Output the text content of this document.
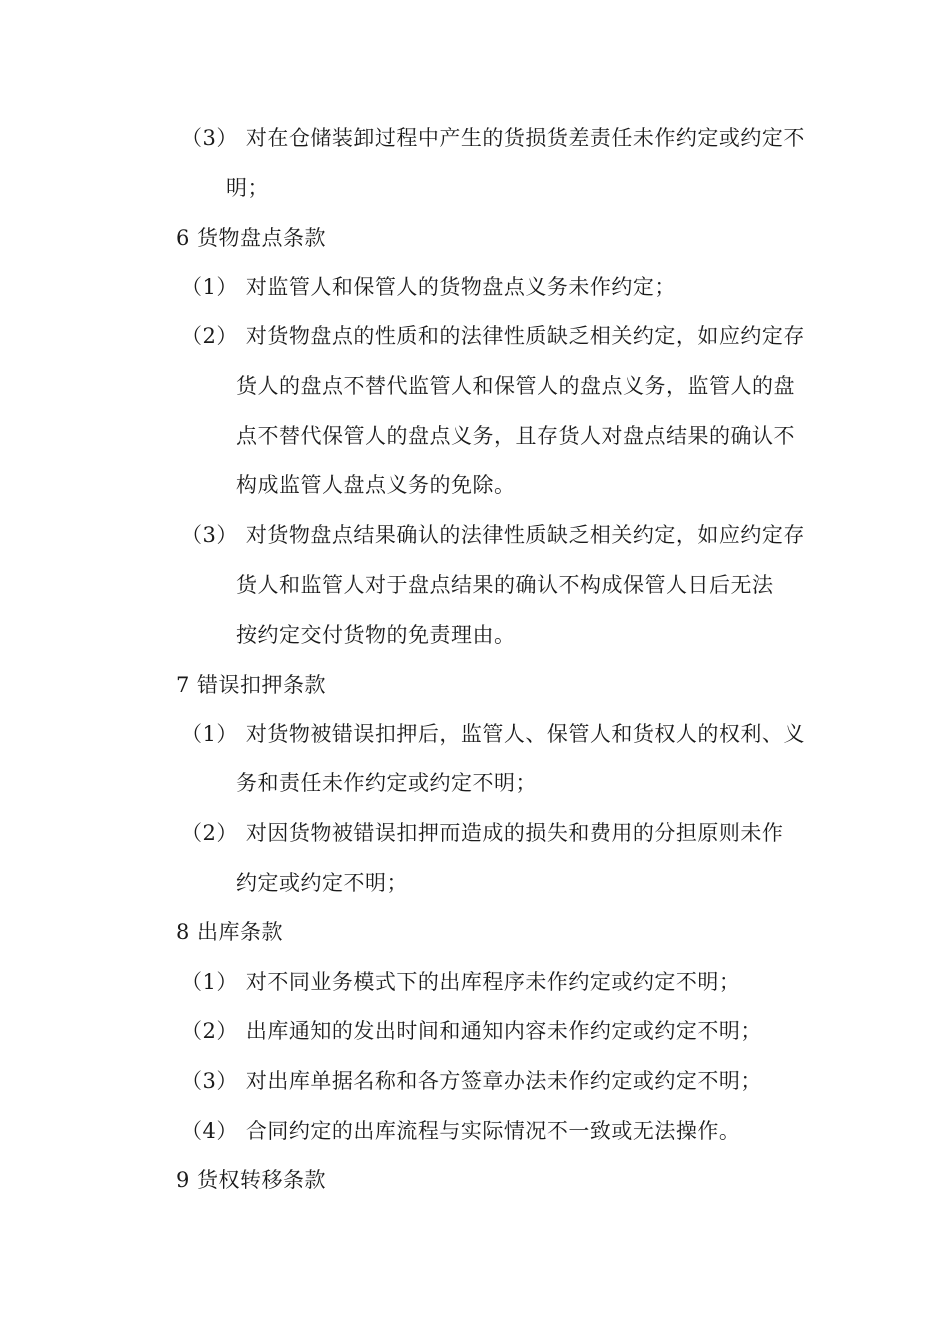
（3） 对在仓储装卸过程中产生的货损货差责任未作约定或约定不
明；
6 货物盘点条款
（1） 对监管人和保管人的货物盘点义务未作约定；
（2） 对货物盘点的性质和的法律性质缺乏相关约定，如应约定存
货人的盘点不替代监管人和保管人的盘点义务，监管人的盘
点不替代保管人的盘点义务，且存货人对盘点结果的确认不
构成监管人盘点义务的免除。
（3） 对货物盘点结果确认的法律性质缺乏相关约定，如应约定存
货人和监管人对于盘点结果的确认不构成保管人日后无法
按约定交付货物的免责理由。
7 错误扣押条款
（1） 对货物被错误扣押后，监管人、保管人和货权人的权利、义
务和责任未作约定或约定不明；
（2） 对因货物被错误扣押而造成的损失和费用的分担原则未作
约定或约定不明；
8 出库条款
（1） 对不同业务模式下的出库程序未作约定或约定不明；
（2） 出库通知的发出时间和通知内容未作约定或约定不明；
（3） 对出库单据名称和各方签章办法未作约定或约定不明；
（4） 合同约定的出库流程与实际情况不一致或无法操作。
9 货权转移条款
